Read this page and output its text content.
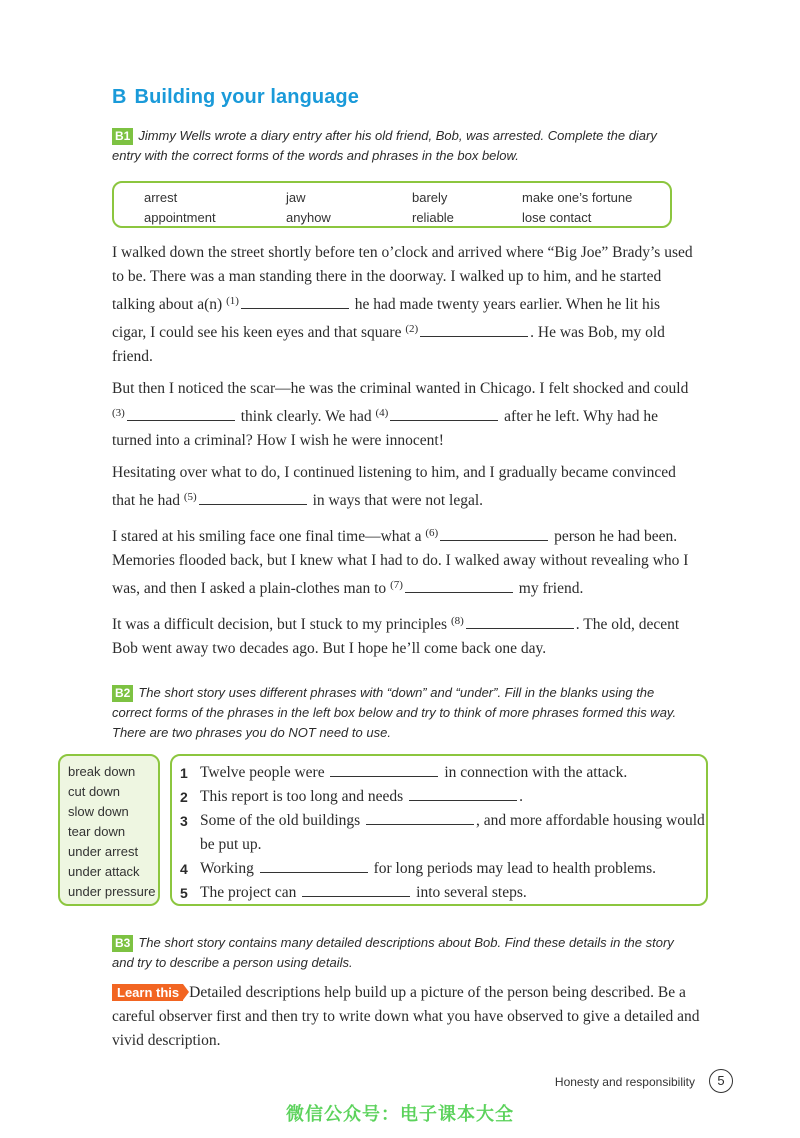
B Building your language

B1 Jimmy Wells wrote a diary entry after his old friend, Bob, was arrested. Complete the diary entry with the correct forms of the words and phrases in the box below.

arrest	jaw	barely	make one’s fortune
appointment	anyhow	reliable	lose contact

I walked down the street shortly before ten o’clock and arrived where “Big Joe” Brady’s used to be. There was a man standing there in the doorway. I walked up to him, and he started talking about a(n) $^{(1)}$	he had made twenty years earlier. When he lit his cigar, I could see his keen eyes and that square $^{(2)}$	. He was Bob, my old friend.

But then I noticed the scar—he was the criminal wanted in Chicago. I felt shocked and could $^{(3)}$	think clearly. We had $^{(4)}$	after he left. Why had he turned into a criminal? How I wish he were innocent!

Hesitating over what to do, I continued listening to him, and I gradually became convinced that he had $^{(5)}$	in ways that were not legal.

I stared at his smiling face one final time—what a $^{(6)}$	person he had been. Memories flooded back, but I knew what I had to do. I walked away without revealing who I was, and then I asked a plain-clothes man to $^{(7)}$	my friend.

It was a difficult decision, but I stuck to my principles $^{(8)}$	. The old, decent Bob went away two decades ago. But I hope he’ll come back one day.

B2 The short story uses different phrases with “down” and “under”. Fill in the blanks using the correct forms of the phrases in the left box below and try to think of more phrases formed this way. There are two phrases you do NOT need to use.

break down
cut down
slow down
tear down
under arrest
under attack
under pressure
1 Twelve people were	in connection with the attack.
2 This report is too long and needs	.
3 Some of the old buildings	, and more affordable housing would be put up.
4 Working	for long periods may lead to health problems.
5 The project can	into several steps.

B3 The short story contains many detailed descriptions about Bob. Find these details in the story and try to describe a person using details.

Learn this Detailed descriptions help build up a picture of the person being described. Be a careful observer first and then try to write down what you have observed to give a detailed and vivid description.

Honesty and responsibility	5
微信公众号：电子课本大全
